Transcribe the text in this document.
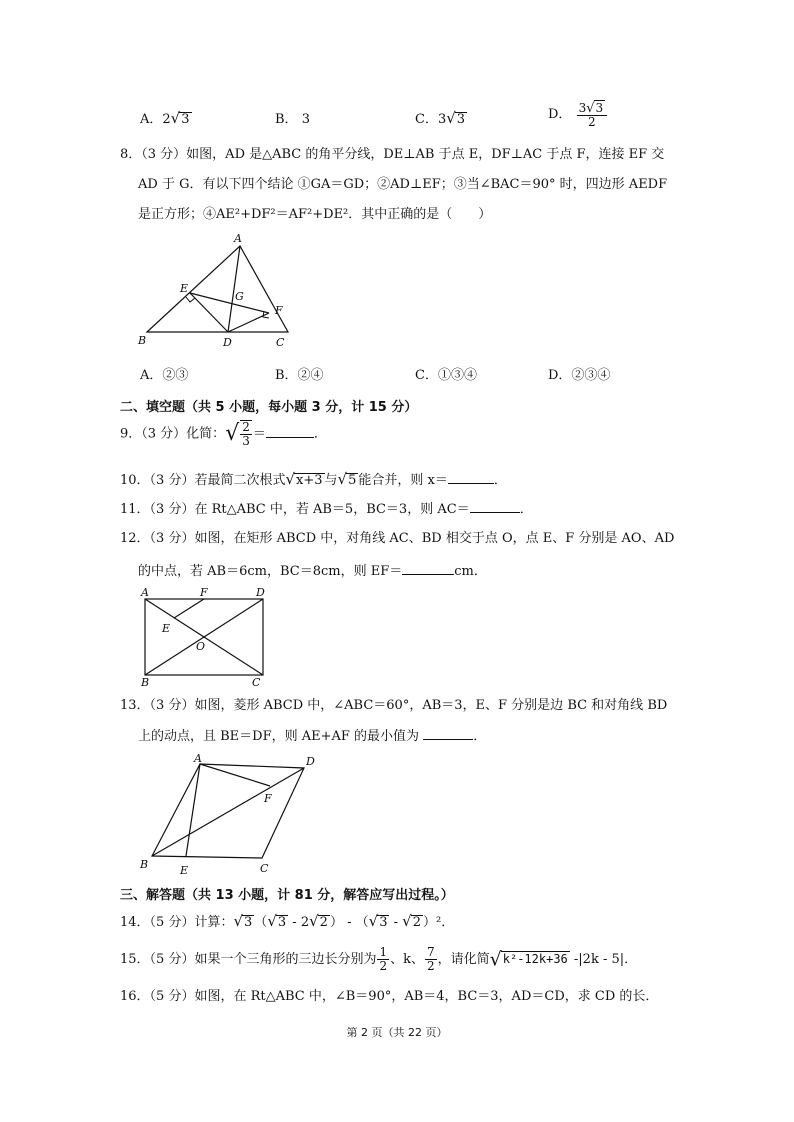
A．2√3	B． 3	C．3√3	D． $\frac{3√3}{2}$
8．（3 分）如图，AD 是△ABC 的角平分线，DE⊥AB 于点 E，DF⊥AC 于点 F，连接 EF 交
AD 于 G．有以下四个结论 ①GA＝GD；②AD⊥EF；③当∠BAC＝90° 时，四边形 AEDF
是正方形；④AE²+DF²＝AF²+DE²．其中正确的是（　　）
A
E
G
F
B	D	C
A．②③	B．②④	C．①③④	D．②③④
二、填空题（共 5 小题，每小题 3 分，计 15 分）
9．（3 分）化简：√ $\frac{2}{3}$ ＝	．
10．（3 分）若最简二次根式√x+3 与√5 能合并，则 x＝	．
11．（3 分）在 Rt△ABC 中，若 AB＝5，BC＝3，则 AC＝	．
12．（3 分）如图，在矩形 ABCD 中，对角线 AC、BD 相交于点 O，点 E、F 分别是 AO、AD
的中点，若 AB＝6cm，BC＝8cm，则 EF＝	cm．
A	F	D
E
O
B	C
13．（3 分）如图，菱形 ABCD 中，∠ABC＝60°，AB＝3，E、F 分别是边 BC 和对角线 BD
上的动点，且 BE＝DF，则 AE+AF 的最小值为	．
A	D
F
B	E	C
三、解答题（共 13 小题，计 81 分，解答应写出过程。）
14．（5 分）计算：√3 （√3 - 2√2 ） - （√3 - √2 ）²．
15．（5 分）如果一个三角形的三边长分别为 $\frac{1}{2}$ 、k、 $\frac{7}{2}$ ，请化简√k²-12k+36 -|2k - 5|．
16．（5 分）如图，在 Rt△ABC 中，∠B＝90°，AB＝4，BC＝3，AD＝CD，求 CD 的长．
第 2 页（共 22 页）
